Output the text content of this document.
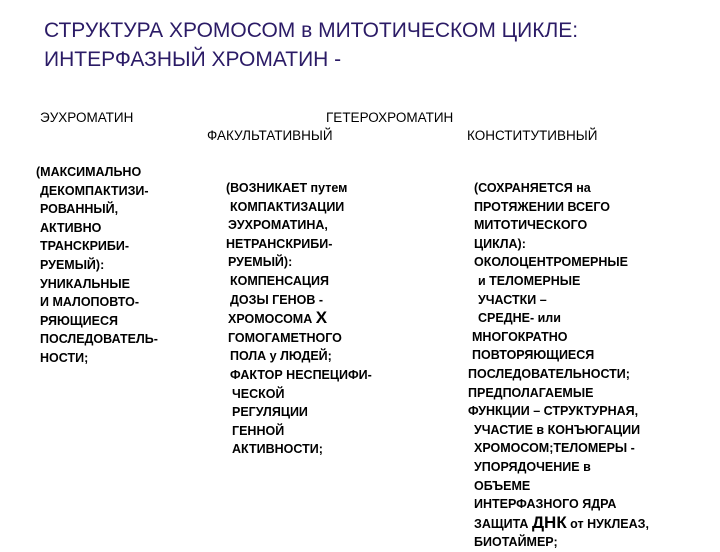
СТРУКТУРА ХРОМОСОМ в МИТОТИЧЕСКОМ ЦИКЛЕ:
ИНТЕРФАЗНЫЙ ХРОМАТИН -
ЭУХРОМАТИН	ГЕТЕРОХРОМАТИН
ФАКУЛЬТАТИВНЫЙ	КОНСТИТУТИВНЫЙ
(МАКСИМАЛЬНО
ДЕКОМПАКТИЗИ-
РОВАННЫЙ,
АКТИВНО
ТРАНСКРИБИ-
РУЕМЫЙ):
УНИКАЛЬНЫЕ
И МАЛОПОВТО-
РЯЮЩИЕСЯ
ПОСЛЕДОВАТЕЛЬ-
НОСТИ;
(ВОЗНИКАЕТ путем
КОМПАКТИЗАЦИИ
ЭУХРОМАТИНА,
НЕТРАНСКРИБИ-
РУЕМЫЙ):
КОМПЕНСАЦИЯ
ДОЗЫ ГЕНОВ -
ХРОМОСОМА Х
ГОМОГАМЕТНОГО
ПОЛА у ЛЮДЕЙ;
ФАКТОР НЕСПЕЦИФИ-
ЧЕСКОЙ
РЕГУЛЯЦИИ
ГЕННОЙ
АКТИВНОСТИ;
(СОХРАНЯЕТСЯ на
ПРОТЯЖЕНИИ ВСЕГО
МИТОТИЧЕСКОГО
ЦИКЛА):
ОКОЛОЦЕНТРОМЕРНЫЕ
и ТЕЛОМЕРНЫЕ
УЧАСТКИ –
СРЕДНЕ- или
МНОГОКРАТНО
ПОВТОРЯЮЩИЕСЯ
ПОСЛЕДОВАТЕЛЬНОСТИ;
ПРЕДПОЛАГАЕМЫЕ
ФУНКЦИИ – СТРУКТУРНАЯ,
УЧАСТИЕ в КОНЪЮГАЦИИ
ХРОМОСОМ;ТЕЛОМЕРЫ -
УПОРЯДОЧЕНИЕ в
ОБЪЕМЕ
ИНТЕРФАЗНОГО ЯДРА
ЗАЩИТА ДНК от НУКЛЕАЗ,
БИОТАЙМЕР;
